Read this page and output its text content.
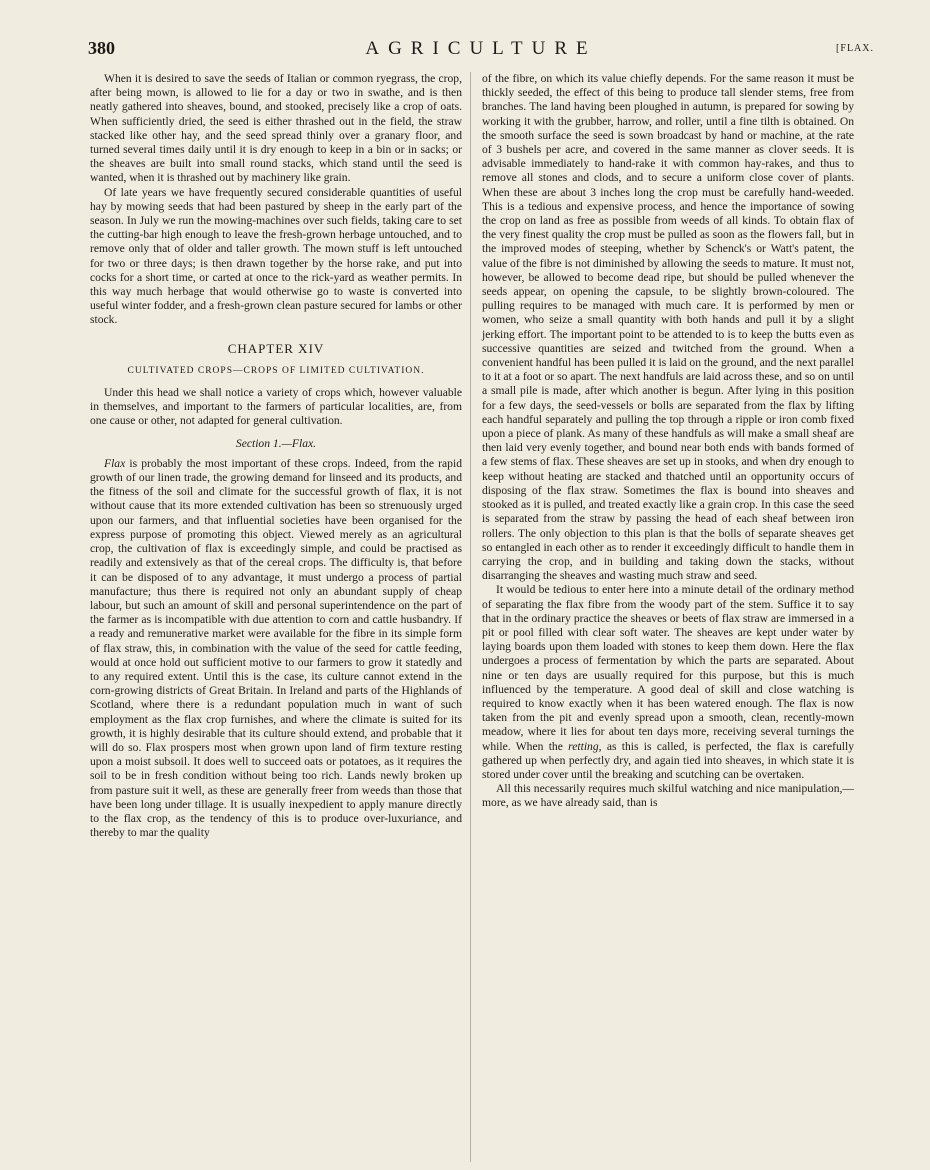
380	AGRICULTURE	[FLAX.

When it is desired to save the seeds of Italian or common ryegrass, the crop, after being mown, is allowed to lie for a day or two in swathe, and is then neatly gathered into sheaves, bound, and stooked, precisely like a crop of oats. When sufficiently dried, the seed is either thrashed out in the field, the straw stacked like other hay, and the seed spread thinly over a granary floor, and turned several times daily until it is dry enough to keep in a bin or in sacks; or the sheaves are built into small round stacks, which stand until the seed is wanted, when it is thrashed out by machinery like grain.

Of late years we have frequently secured considerable quantities of useful hay by mowing seeds that had been pastured by sheep in the early part of the season. In July we run the mowing-machines over such fields, taking care to set the cutting-bar high enough to leave the fresh-grown herbage untouched, and to remove only that of older and taller growth. The mown stuff is left untouched for two or three days; is then drawn together by the horse rake, and put into cocks for a short time, or carted at once to the rick-yard as weather permits. In this way much herbage that would otherwise go to waste is converted into useful winter fodder, and a fresh-grown clean pasture secured for lambs or other stock.

CHAPTER XIV
CULTIVATED CROPS—CROPS OF LIMITED CULTIVATION.

Under this head we shall notice a variety of crops which, however valuable in themselves, and important to the farmers of particular localities, are, from one cause or other, not adapted for general cultivation.

Section 1.—Flax.

Flax is probably the most important of these crops. Indeed, from the rapid growth of our linen trade, the growing demand for linseed and its products, and the fitness of the soil and climate for the successful growth of flax, it is not without cause that its more extended cultivation has been so strenuously urged upon our farmers, and that influential societies have been organised for the express purpose of promoting this object. Viewed merely as an agricultural crop, the cultivation of flax is exceedingly simple, and could be practised as readily and extensively as that of the cereal crops. The difficulty is, that before it can be disposed of to any advantage, it must undergo a process of partial manufacture; thus there is required not only an abundant supply of cheap labour, but such an amount of skill and personal superintendence on the part of the farmer as is incompatible with due attention to corn and cattle husbandry. If a ready and remunerative market were available for the fibre in its simple form of flax straw, this, in combination with the value of the seed for cattle feeding, would at once hold out sufficient motive to our farmers to grow it statedly and to any required extent. Until this is the case, its culture cannot extend in the corn-growing districts of Great Britain. In Ireland and parts of the Highlands of Scotland, where there is a redundant population much in want of such employment as the flax crop furnishes, and where the climate is suited for its growth, it is highly desirable that its culture should extend, and probable that it will do so. Flax prospers most when grown upon land of firm texture resting upon a moist subsoil. It does well to succeed oats or potatoes, as it requires the soil to be in fresh condition without being too rich. Lands newly broken up from pasture suit it well, as these are generally freer from weeds than those that have been long under tillage. It is usually inexpedient to apply manure directly to the flax crop, as the tendency of this is to produce over-luxuriance, and thereby to mar the quality

of the fibre, on which its value chiefly depends. For the same reason it must be thickly seeded, the effect of this being to produce tall slender stems, free from branches. The land having been ploughed in autumn, is prepared for sowing by working it with the grubber, harrow, and roller, until a fine tilth is obtained. On the smooth surface the seed is sown broadcast by hand or machine, at the rate of 3 bushels per acre, and covered in the same manner as clover seeds. It is advisable immediately to hand-rake it with common hay-rakes, and thus to remove all stones and clods, and to secure a uniform close cover of plants. When these are about 3 inches long the crop must be carefully hand-weeded. This is a tedious and expensive process, and hence the importance of sowing the crop on land as free as possible from weeds of all kinds. To obtain flax of the very finest quality the crop must be pulled as soon as the flowers fall, but in the improved modes of steeping, whether by Schenck's or Watt's patent, the value of the fibre is not diminished by allowing the seeds to mature. It must not, however, be allowed to become dead ripe, but should be pulled whenever the seeds appear, on opening the capsule, to be slightly brown-coloured. The pulling requires to be managed with much care. It is performed by men or women, who seize a small quantity with both hands and pull it by a slight jerking effort. The important point to be attended to is to keep the butts even as successive quantities are seized and twitched from the ground. When a convenient handful has been pulled it is laid on the ground, and the next parallel to it at a foot or so apart. The next handfuls are laid across these, and so on until a small pile is made, after which another is begun. After lying in this position for a few days, the seed-vessels or bolls are separated from the flax by lifting each handful separately and pulling the top through a ripple or iron comb fixed upon a piece of plank. As many of these handfuls as will make a small sheaf are then laid very evenly together, and bound near both ends with bands formed of a few stems of flax. These sheaves are set up in stooks, and when dry enough to keep without heating are stacked and thatched until an opportunity occurs of disposing of the flax straw. Sometimes the flax is bound into sheaves and stooked as it is pulled, and treated exactly like a grain crop. In this case the seed is separated from the straw by passing the head of each sheaf between iron rollers. The only objection to this plan is that the bolls of separate sheaves get so entangled in each other as to render it exceedingly difficult to handle them in carrying the crop, and in building and taking down the stacks, without disarranging the sheaves and wasting much straw and seed.

It would be tedious to enter here into a minute detail of the ordinary method of separating the flax fibre from the woody part of the stem. Suffice it to say that in the ordinary practice the sheaves or beets of flax straw are immersed in a pit or pool filled with clear soft water. The sheaves are kept under water by laying boards upon them loaded with stones to keep them down. Here the flax undergoes a process of fermentation by which the parts are separated. About nine or ten days are usually required for this purpose, but this is much influenced by the temperature. A good deal of skill and close watching is required to know exactly when it has been watered enough. The flax is now taken from the pit and evenly spread upon a smooth, clean, recently-mown meadow, where it lies for about ten days more, receiving several turnings the while. When the retting, as this is called, is perfected, the flax is carefully gathered up when perfectly dry, and again tied into sheaves, in which state it is stored under cover until the breaking and scutching can be overtaken.

All this necessarily requires much skilful watching and nice manipulation,—more, as we have already said, than is
